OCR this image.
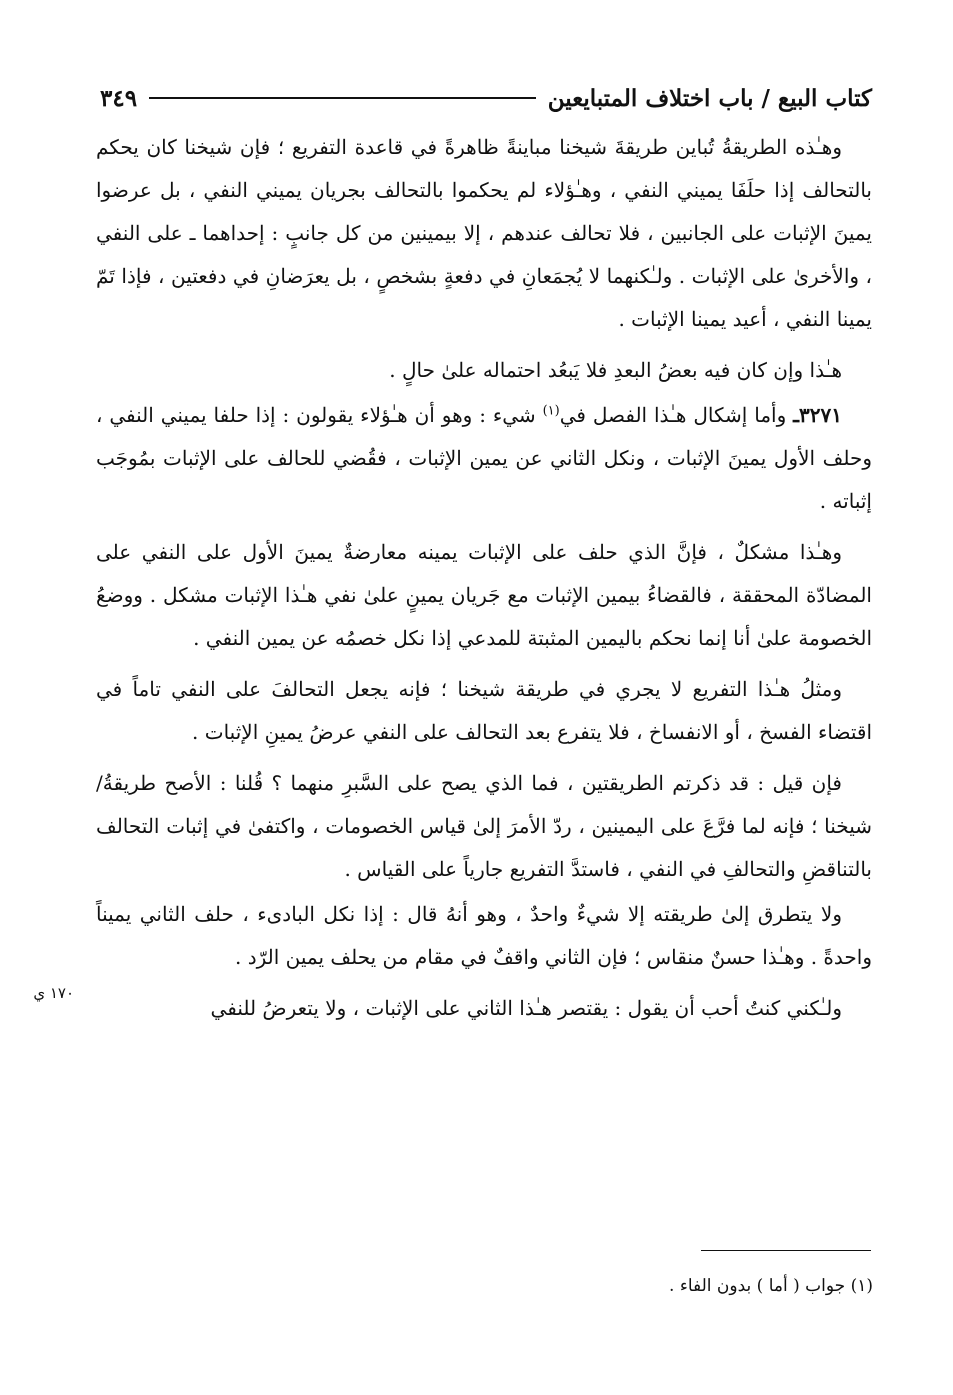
كتاب البيع / باب اختلاف المتبايعين
٣٤٩

وهـٰذه الطريقةُ تُباين طريقةَ شيخنا مباينةً ظاهرةً في قاعدة التفريع ؛ فإن شيخنا كان يحكم بالتحالف إذا حلَفَا يميني النفي ، وهـٰؤلاء لم يحكموا بالتحالف بجريان يميني النفي ، بل عرضوا يمينَ الإثبات على الجانبين ، فلا تحالف عندهم ، إلا بيمينين من كل جانبٍ : إحداهما ـ على النفي ، والأخرىٰ على الإثبات . ولـٰكنهما لا يُجمَعانِ في دفعةٍ بشخصٍ ، بل يعرَضانِ في دفعتين ، فإذا تَمّ يمينا النفي ، أعيد يمينا الإثبات .

هـٰذا وإن كان فيه بعضُ البعدِ فلا يَبعُد احتماله علىٰ حالٍ .

٣٢٧١ـ وأما إشكال هـٰذا الفصل في$^{(١)}$ شيء : وهو أن هـٰؤلاء يقولون : إذا حلفا يميني النفي ، وحلف الأول يمينَ الإثبات ، ونكل الثاني عن يمين الإثبات ، فقُضي للحالف على الإثبات بمُوجَب إثباته .

وهـٰذا مشكلٌ ، فإنَّ الذي حلف على الإثبات يمينه معارضةٌ يمينَ الأول على النفي على المضادّة المحققة ، فالقضاءُ بيمين الإثبات مع جَريان يمينٍ علىٰ نفي هـٰذا الإثبات مشكل . ووضعُ الخصومة علىٰ أنا إنما نحكم باليمين المثبتة للمدعي إذا نكل خصمُه عن يمين النفي .

ومثلُ هـٰذا التفريع لا يجري في طريقة شيخنا ؛ فإنه يجعل التحالفَ على النفي تاماً في اقتضاء الفسخ ، أو الانفساخ ، فلا يتفرع بعد التحالف على النفي عرضُ يمينِ الإثبات .

فإن قيل : قد ذكرتم الطريقتين ، فما الذي يصح على السَّبرِ منهما ؟ قُلنا : الأصح طريقةُ/ شيخنا ؛ فإنه لما فرَّعَ على اليمينين ، ردّ الأمرَ إلىٰ قياس الخصومات ، واكتفىٰ في إثبات التحالف بالتناقضِ والتحالفِ في النفي ، فاستدَّ التفريع جارياً على القياس .

ولا يتطرق إلىٰ طريقته إلا شيءٌ واحدٌ ، وهو أنهُ قال : إذا نكل البادىء ، حلف الثاني يميناً واحدةً . وهـٰذا حسنٌ منقاس ؛ فإن الثاني واقفٌ في مقام من يحلف يمين الرّد .

ولـٰكني كنتُ أحب أن يقول : يقتصر هـٰذا الثاني على الإثبات ، ولا يتعرضُ للنفي

١٧٠ ي
(١) جواب ( أما ) بدون الفاء .
